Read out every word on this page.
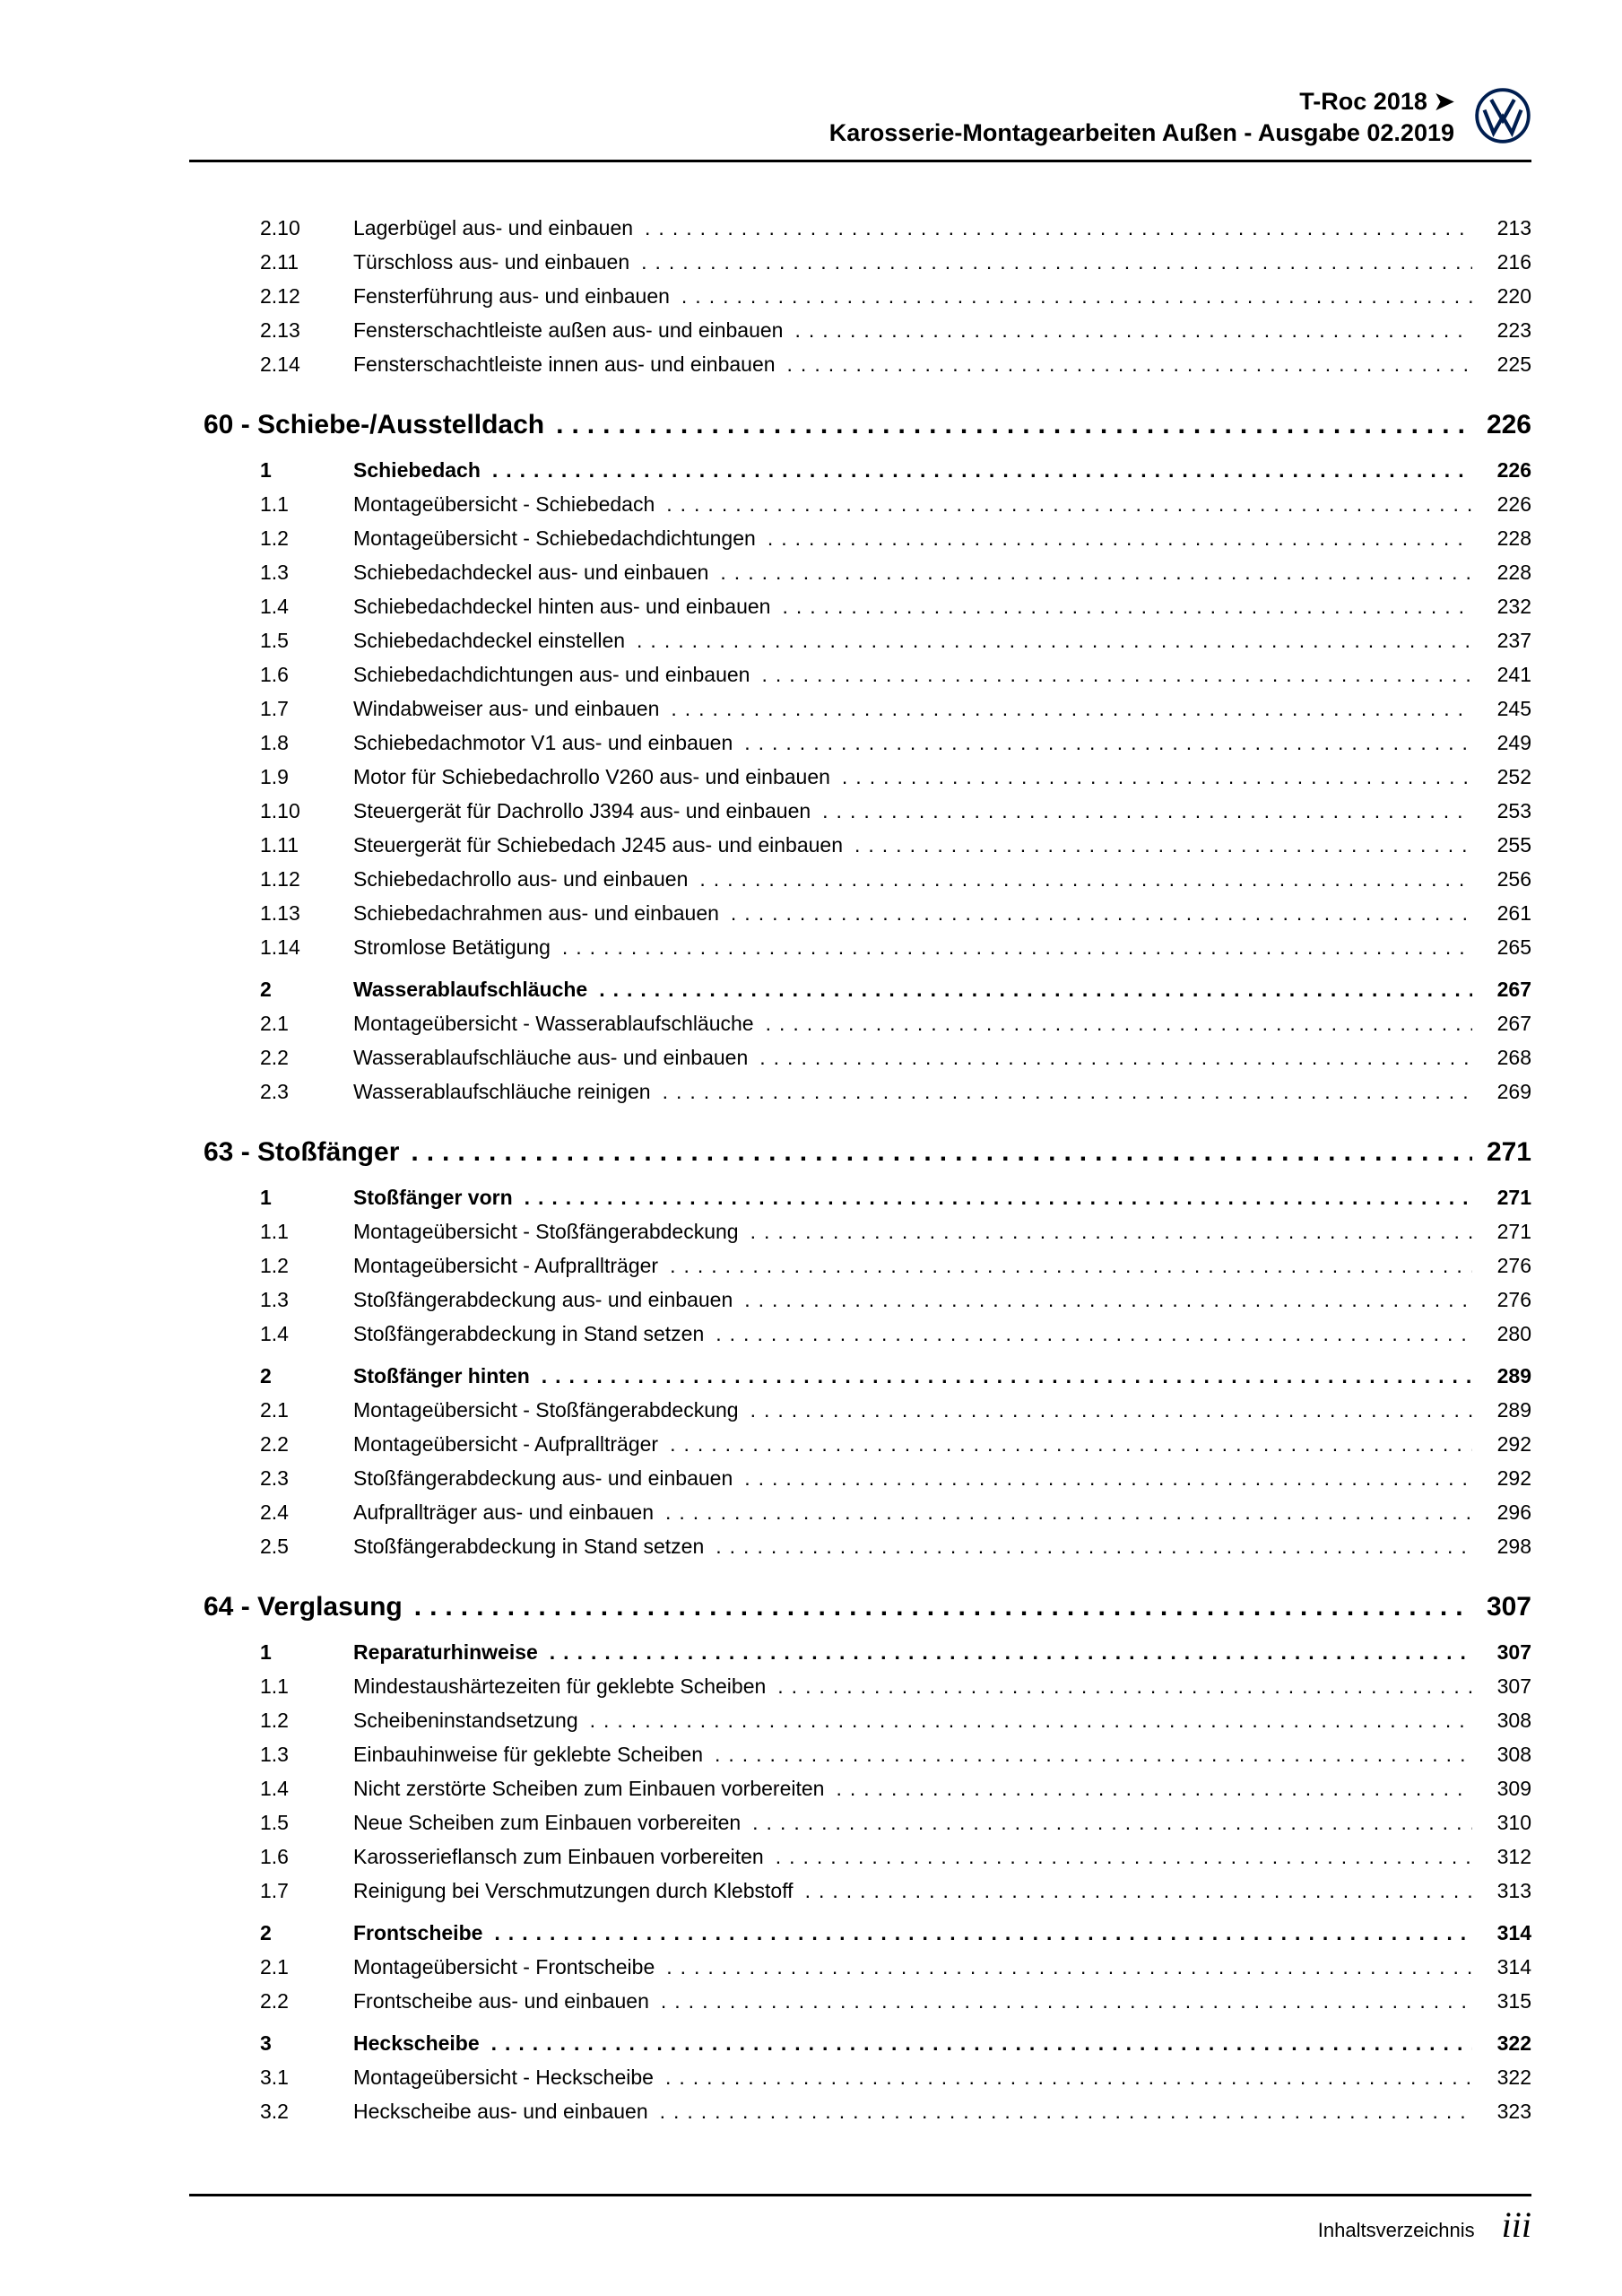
T-Roc 2018 ➤
Karosserie-Montagearbeiten Außen - Ausgabe 02.2019
2.10	Lagerbügel aus- und einbauen .....	213
2.11	Türschloss aus- und einbauen .....	216
2.12	Fensterführung aus- und einbauen .....	220
2.13	Fensterschachtleiste außen aus- und einbauen .....	223
2.14	Fensterschachtleiste innen aus- und einbauen .....	225
60 - Schiebe-/Ausstelldach .....	226
1	Schiebedach .....	226
1.1	Montageübersicht - Schiebedach .....	226
1.2	Montageübersicht - Schiebedachdichtungen .....	228
1.3	Schiebedachdeckel aus- und einbauen .....	228
1.4	Schiebedachdeckel hinten aus- und einbauen .....	232
1.5	Schiebedachdeckel einstellen .....	237
1.6	Schiebedachdichtungen aus- und einbauen .....	241
1.7	Windabweiser aus- und einbauen .....	245
1.8	Schiebedachmotor V1 aus- und einbauen .....	249
1.9	Motor für Schiebedachrollo V260 aus- und einbauen .....	252
1.10	Steuergerät für Dachrollo J394 aus- und einbauen .....	253
1.11	Steuergerät für Schiebedach J245 aus- und einbauen .....	255
1.12	Schiebedachrollo aus- und einbauen .....	256
1.13	Schiebedachrahmen aus- und einbauen .....	261
1.14	Stromlose Betätigung .....	265
2	Wasserablaufschläuche .....	267
2.1	Montageübersicht - Wasserablaufschläuche .....	267
2.2	Wasserablaufschläuche aus- und einbauen .....	268
2.3	Wasserablaufschläuche reinigen .....	269
63 - Stoßfänger .....	271
1	Stoßfänger vorn .....	271
1.1	Montageübersicht - Stoßfängerabdeckung .....	271
1.2	Montageübersicht - Aufprallträger .....	276
1.3	Stoßfängerabdeckung aus- und einbauen .....	276
1.4	Stoßfängerabdeckung in Stand setzen .....	280
2	Stoßfänger hinten .....	289
2.1	Montageübersicht - Stoßfängerabdeckung .....	289
2.2	Montageübersicht - Aufprallträger .....	292
2.3	Stoßfängerabdeckung aus- und einbauen .....	292
2.4	Aufprallträger aus- und einbauen .....	296
2.5	Stoßfängerabdeckung in Stand setzen .....	298
64 - Verglasung .....	307
1	Reparaturhinweise .....	307
1.1	Mindestaushärtezeiten für geklebte Scheiben .....	307
1.2	Scheibeninstandsetzung .....	308
1.3	Einbauhinweise für geklebte Scheiben .....	308
1.4	Nicht zerstörte Scheiben zum Einbauen vorbereiten .....	309
1.5	Neue Scheiben zum Einbauen vorbereiten .....	310
1.6	Karosserieflansch zum Einbauen vorbereiten .....	312
1.7	Reinigung bei Verschmutzungen durch Klebstoff .....	313
2	Frontscheibe .....	314
2.1	Montageübersicht - Frontscheibe .....	314
2.2	Frontscheibe aus- und einbauen .....	315
3	Heckscheibe .....	322
3.1	Montageübersicht - Heckscheibe .....	322
3.2	Heckscheibe aus- und einbauen .....	323
Inhaltsverzeichnis iii
